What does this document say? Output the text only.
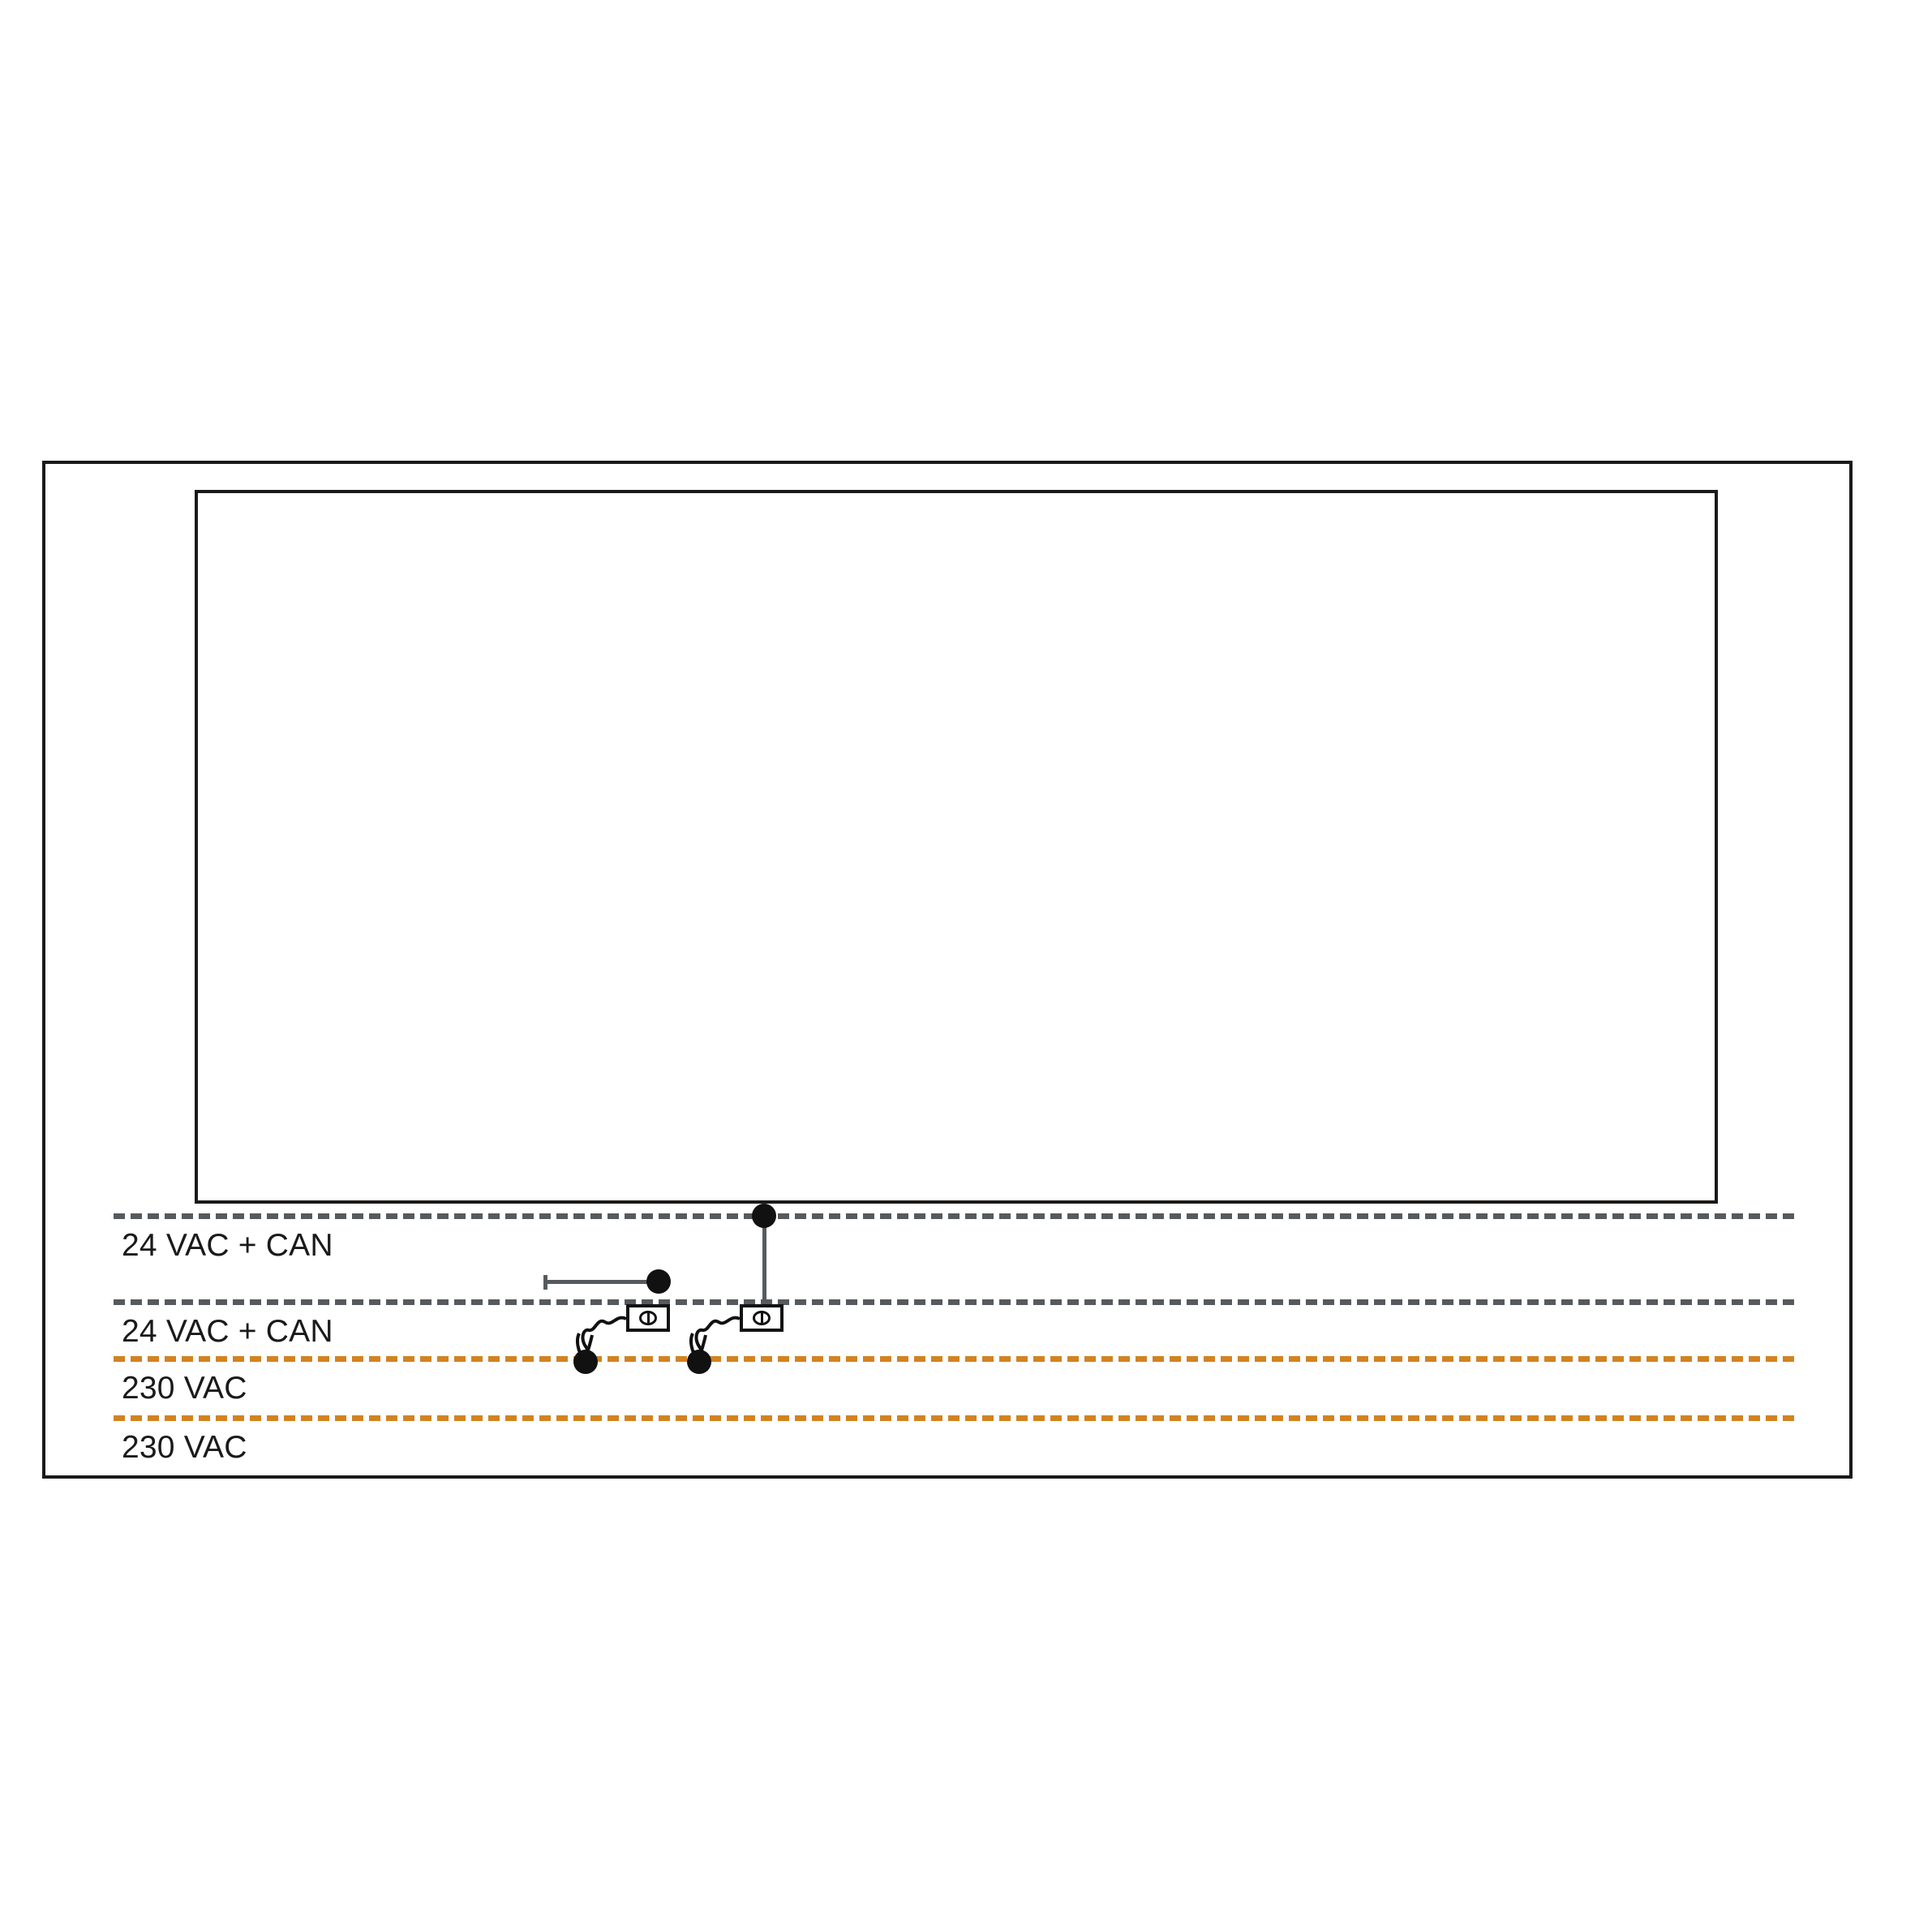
24 VAC + CAN
24 VAC + CAN
230 VAC
230 VAC
